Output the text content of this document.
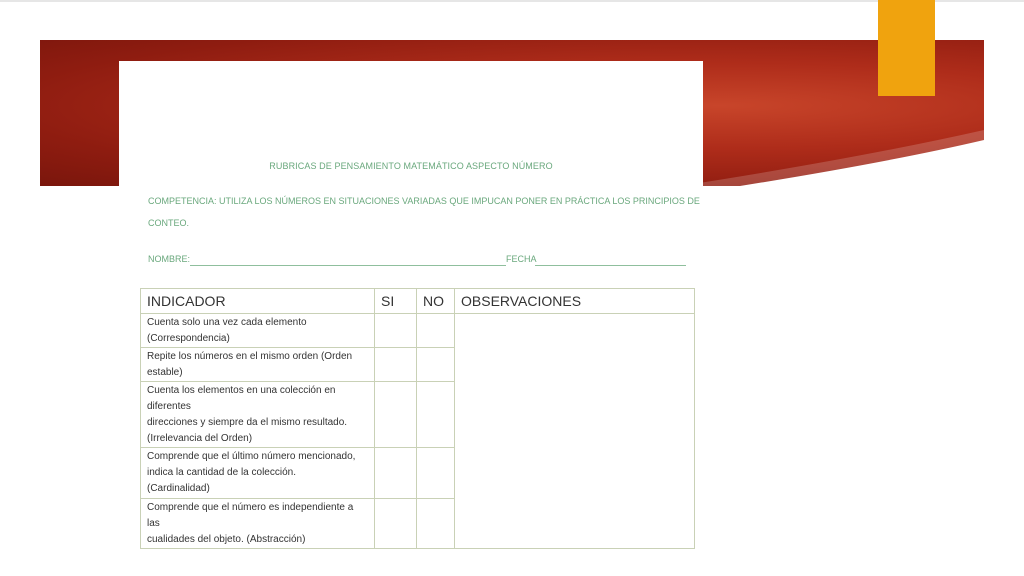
RUBRICAS DE PENSAMIENTO MATEMÁTICO ASPECTO NÚMERO
COMPETENCIA: UTILIZA LOS NÚMEROS EN SITUACIONES VARIADAS QUE IMPUCAN PONER EN PRÁCTICA LOS PRINCIPIOS DE
CONTEO.
NOMBRE:	FECHA
INDICADOR	SI	NO	OBSERVACIONES

Cuenta solo una vez cada elemento
(Correspondencia)			

Repite los números en el mismo orden (Orden
estable)			

Cuenta los elementos en una colección en diferentes
direcciones y siempre da el mismo resultado.
(Irrelevancia del Orden)			

Comprende que el último número mencionado,
indica la cantidad de la colección.
(Cardinalidad)			

Comprende que el número es independiente a las
cualidades del objeto. (Abstracción)			
